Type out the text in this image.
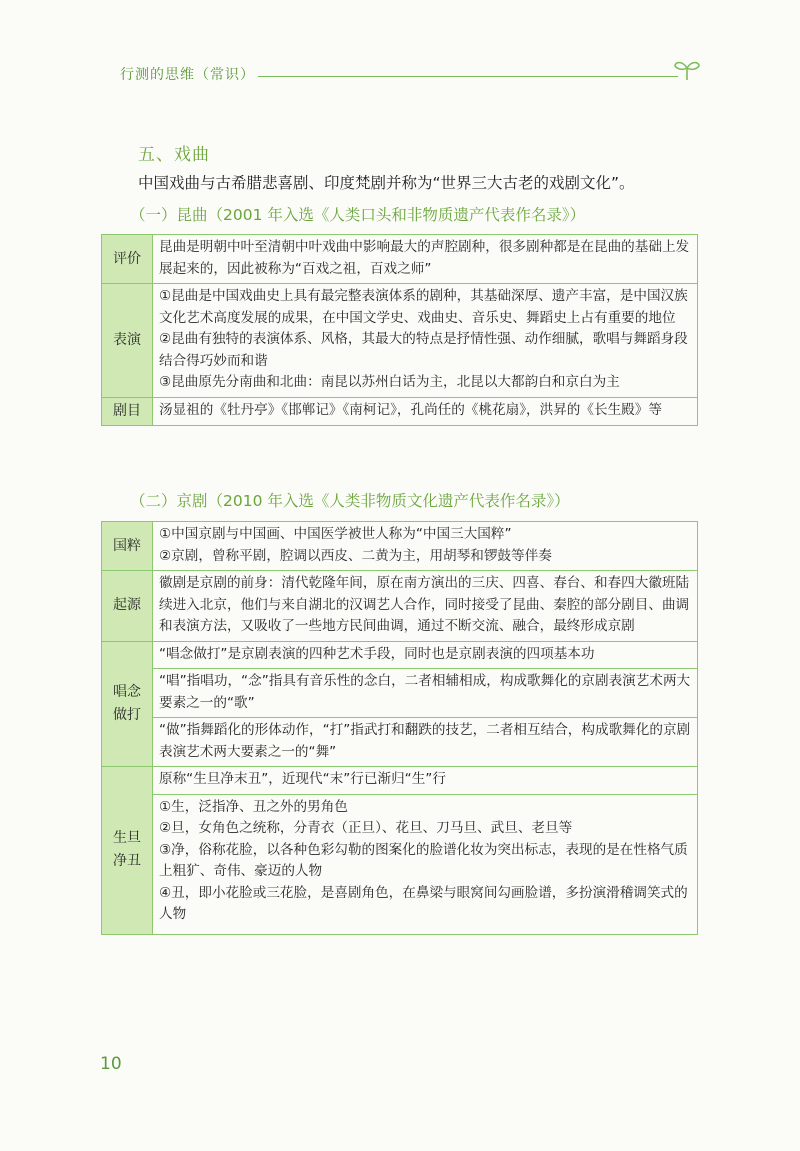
行测的思维（常识）
五、戏曲
中国戏曲与古希腊悲喜剧、印度梵剧并称为“世界三大古老的戏剧文化”。
（一）昆曲（2001 年入选《人类口头和非物质遗产代表作名录》）
评价	昆曲是明朝中叶至清朝中叶戏曲中影响最大的声腔剧种，很多剧种都是在昆曲的基础上发展起来的，因此被称为“百戏之祖，百戏之师”
表演	①昆曲是中国戏曲史上具有最完整表演体系的剧种，其基础深厚、遗产丰富，是中国汉族文化艺术高度发展的成果，在中国文学史、戏曲史、音乐史、舞蹈史上占有重要的地位
②昆曲有独特的表演体系、风格，其最大的特点是抒情性强、动作细腻，歌唱与舞蹈身段结合得巧妙而和谐
③昆曲原先分南曲和北曲：南昆以苏州白话为主，北昆以大都韵白和京白为主

剧目	汤显祖的《牡丹亭》《邯郸记》《南柯记》，孔尚任的《桃花扇》，洪昇的《长生殿》等
（二）京剧（2010 年入选《人类非物质文化遗产代表作名录》）
国粹	①中国京剧与中国画、中国医学被世人称为“中国三大国粹”
②京剧，曾称平剧，腔调以西皮、二黄为主，用胡琴和锣鼓等伴奏

起源	徽剧是京剧的前身：清代乾隆年间，原在南方演出的三庆、四喜、春台、和春四大徽班陆续进入北京，他们与来自湖北的汉调艺人合作，同时接受了昆曲、秦腔的部分剧目、曲调和表演方法，又吸收了一些地方民间曲调，通过不断交流、融合，最终形成京剧
唱念做打	“唱念做打”是京剧表演的四种艺术手段，同时也是京剧表演的四项基本功
	“唱”指唱功，“念”指具有音乐性的念白，二者相辅相成，构成歌舞化的京剧表演艺术两大要素之一的“歌”
	“做”指舞蹈化的形体动作，“打”指武打和翻跌的技艺，二者相互结合，构成歌舞化的京剧表演艺术两大要素之一的“舞”
生旦净丑	原称“生旦净末丑”，近现代“末”行已渐归“生”行

	①生，泛指净、丑之外的男角色
②旦，女角色之统称，分青衣（正旦）、花旦、刀马旦、武旦、老旦等
③净，俗称花脸，以各种色彩勾勒的图案化的脸谱化妆为突出标志，表现的是在性格气质上粗犷、奇伟、豪迈的人物
④丑，即小花脸或三花脸，是喜剧角色，在鼻梁与眼窝间勾画脸谱，多扮演滑稽调笑式的人物
10
